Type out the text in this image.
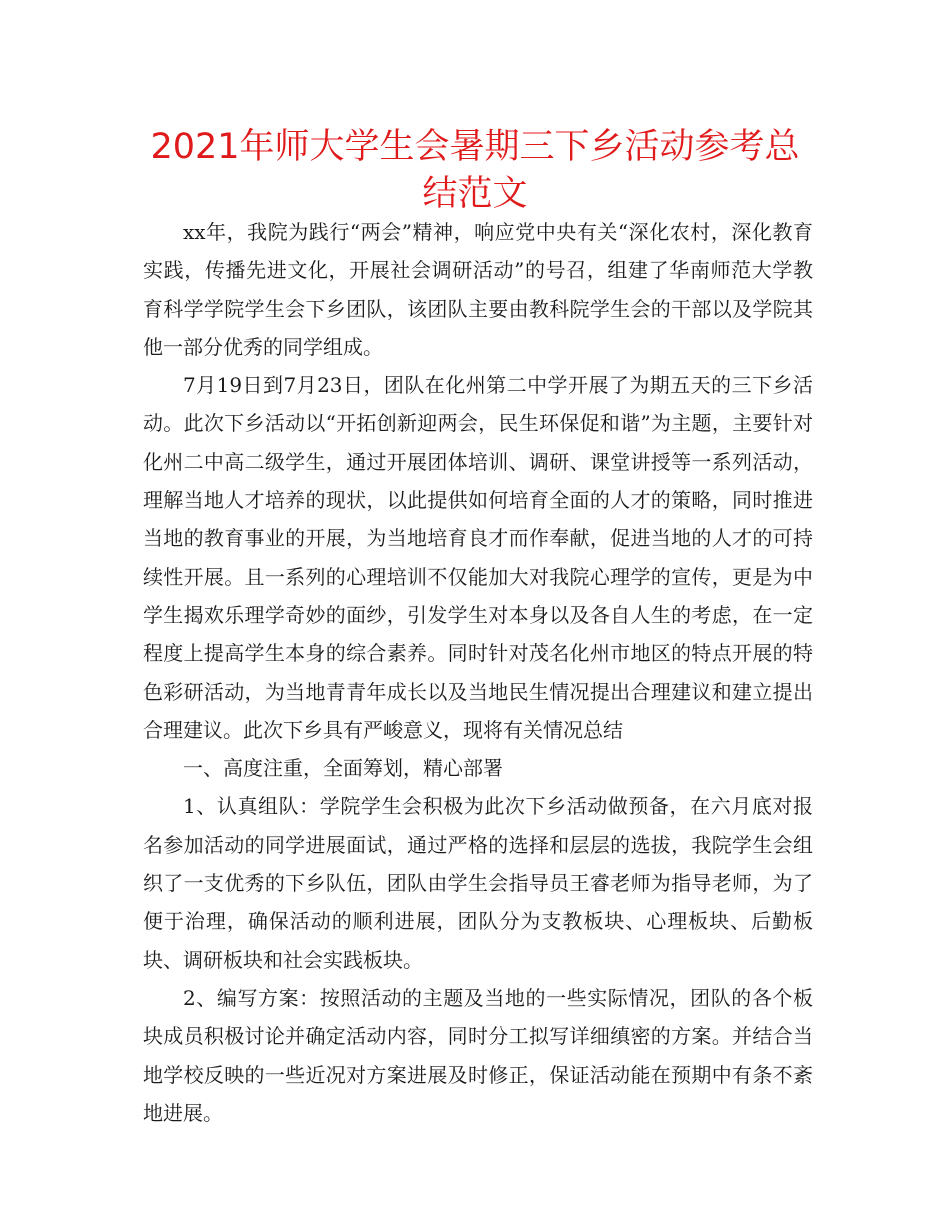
2021年师大学生会暑期三下乡活动参考总结范文

xx年，我院为践行“两会”精神，响应党中央有关“深化农村，深化教育实践，传播先进文化，开展社会调研活动”的号召，组建了华南师范大学教育科学学院学生会下乡团队，该团队主要由教科院学生会的干部以及学院其他一部分优秀的同学组成。

7月19日到7月23日，团队在化州第二中学开展了为期五天的三下乡活动。此次下乡活动以“开拓创新迎两会，民生环保促和谐”为主题，主要针对化州二中高二级学生，通过开展团体培训、调研、课堂讲授等一系列活动，理解当地人才培养的现状，以此提供如何培育全面的人才的策略，同时推进当地的教育事业的开展，为当地培育良才而作奉献，促进当地的人才的可持续性开展。且一系列的心理培训不仅能加大对我院心理学的宣传，更是为中学生揭欢乐理学奇妙的面纱，引发学生对本身以及各自人生的考虑，在一定程度上提高学生本身的综合素养。同时针对茂名化州市地区的特点开展的特色彩研活动，为当地青青年成长以及当地民生情况提出合理建议和建立提出合理建议。此次下乡具有严峻意义，现将有关情况总结

一、高度注重，全面筹划，精心部署

1、认真组队：学院学生会积极为此次下乡活动做预备，在六月底对报名参加活动的同学进展面试，通过严格的选择和层层的选拔，我院学生会组织了一支优秀的下乡队伍，团队由学生会指导员王睿老师为指导老师，为了便于治理，确保活动的顺利进展，团队分为支教板块、心理板块、后勤板块、调研板块和社会实践板块。

2、编写方案：按照活动的主题及当地的一些实际情况，团队的各个板块成员积极讨论并确定活动内容，同时分工拟写详细缜密的方案。并结合当地学校反映的一些近况对方案进展及时修正，保证活动能在预期中有条不紊地进展。
